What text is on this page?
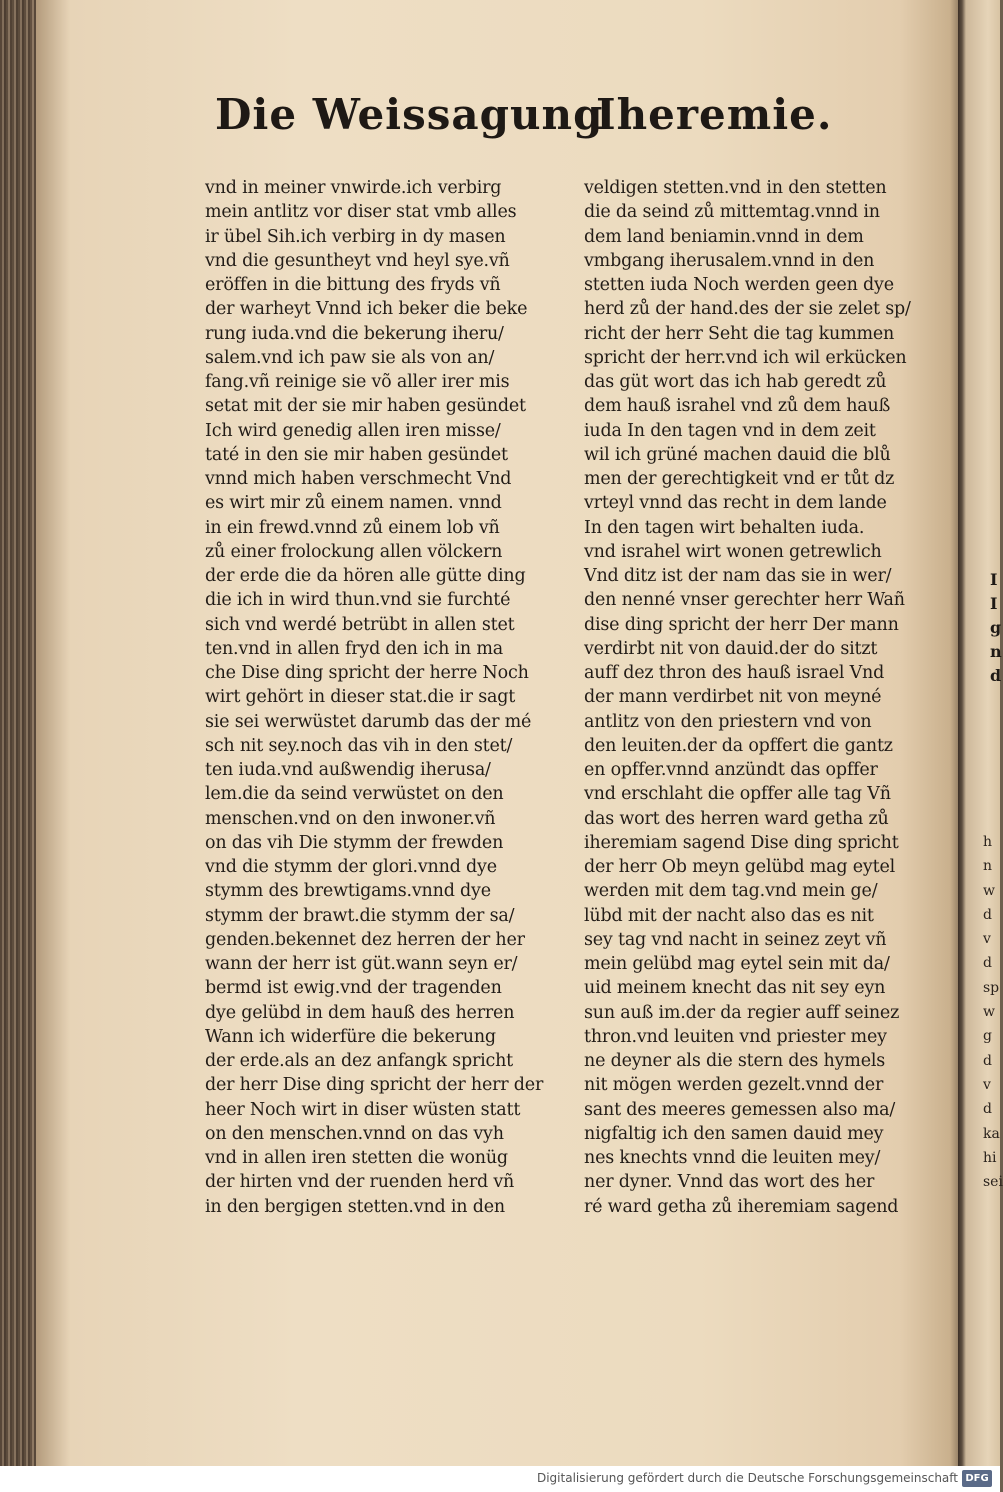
Die Weissagung
Iheremie.
vnd in meiner vnwirde.ich verbirg
mein antlitz vor diser stat vmb alles
ir übel Sih.ich verbirg in dy masen
vnd die gesuntheyt vnd heyl sye.vñ
eröffen in die bittung des fryds vñ
der warheyt Vnnd ich beker die beke
rung iuda.vnd die bekerung iheru/
salem.vnd ich paw sie als von an/
fang.vñ reinige sie võ aller irer mis
setat mit der sie mir haben gesündet
Ich wird genedig allen iren misse/
taté in den sie mir haben gesündet
vnnd mich haben verschmecht Vnd
es wirt mir zů einem namen. vnnd
in ein frewd.vnnd zů einem lob vñ
zů einer frolockung allen völckern
der erde die da hören alle gütte ding
die ich in wird thun.vnd sie furchté
sich vnd werdé betrübt in allen stet
ten.vnd in allen fryd den ich in ma
che Dise ding spricht der herre Noch
wirt gehört in dieser stat.die ir sagt
sie sei werwüstet darumb das der mé
sch nit sey.noch das vih in den stet/
ten iuda.vnd außwendig iherusa/
lem.die da seind verwüstet on den
menschen.vnd on den inwoner.vñ
on das vih Die stymm der frewden
vnd die stymm der glori.vnnd dye
stymm des brewtigams.vnnd dye
stymm der brawt.die stymm der sa/
genden.bekennet dez herren der her
wann der herr ist güt.wann seyn er/
bermd ist ewig.vnd der tragenden
dye gelübd in dem hauß des herren
Wann ich widerfüre die bekerung
der erde.als an dez anfangk spricht
der herr Dise ding spricht der herr der
heer Noch wirt in diser wüsten statt
on den menschen.vnnd on das vyh
vnd in allen iren stetten die wonüg
der hirten vnd der ruenden herd vñ
in den bergigen stetten.vnd in den
veldigen stetten.vnd in den stetten
die da seind zů mittemtag.vnnd in
dem land beniamin.vnnd in dem
vmbgang iherusalem.vnnd in den
stetten iuda Noch werden geen dye
herd zů der hand.des der sie zelet sp/
richt der herr Seht die tag kummen
spricht der herr.vnd ich wil erkücken
das güt wort das ich hab geredt zů
dem hauß israhel vnd zů dem hauß
iuda In den tagen vnd in dem zeit
wil ich grüné machen dauid die blů
men der gerechtigkeit vnd er tůt dz
vrteyl vnnd das recht in dem lande
In den tagen wirt behalten iuda.
vnd israhel wirt wonen getrewlich
Vnd ditz ist der nam das sie in wer/
den nenné vnser gerechter herr Wañ
dise ding spricht der herr Der mann
verdirbt nit von dauid.der do sitzt
auff dez thron des hauß israel Vnd
der mann verdirbet nit von meyné
antlitz von den priestern vnd von
den leuiten.der da opffert die gantz
en opffer.vnnd anzündt das opffer
vnd erschlaht die opffer alle tag Vñ
das wort des herren ward getha zů
iheremiam sagend Dise ding spricht
der herr Ob meyn gelübd mag eytel
werden mit dem tag.vnd mein ge/
lübd mit der nacht also das es nit
sey tag vnd nacht in seinez zeyt vñ
mein gelübd mag eytel sein mit da/
uid meinem knecht das nit sey eyn
sun auß im.der da regier auff seinez
thron.vnd leuiten vnd priester mey
ne deyner als die stern des hymels
nit mögen werden gezelt.vnnd der
sant des meeres gemessen also ma/
nigfaltig ich den samen dauid mey
nes knechts vnnd die leuiten mey/
ner dyner. Vnnd das wort des her
ré ward getha zů iheremiam sagend
I
I
g
n
d
h
n
w
d
v
d
sp
w
g
d
v
d
ka
hi
sei
Digitalisierung gefördert durch die Deutsche Forschungsgemeinschaft DFG
